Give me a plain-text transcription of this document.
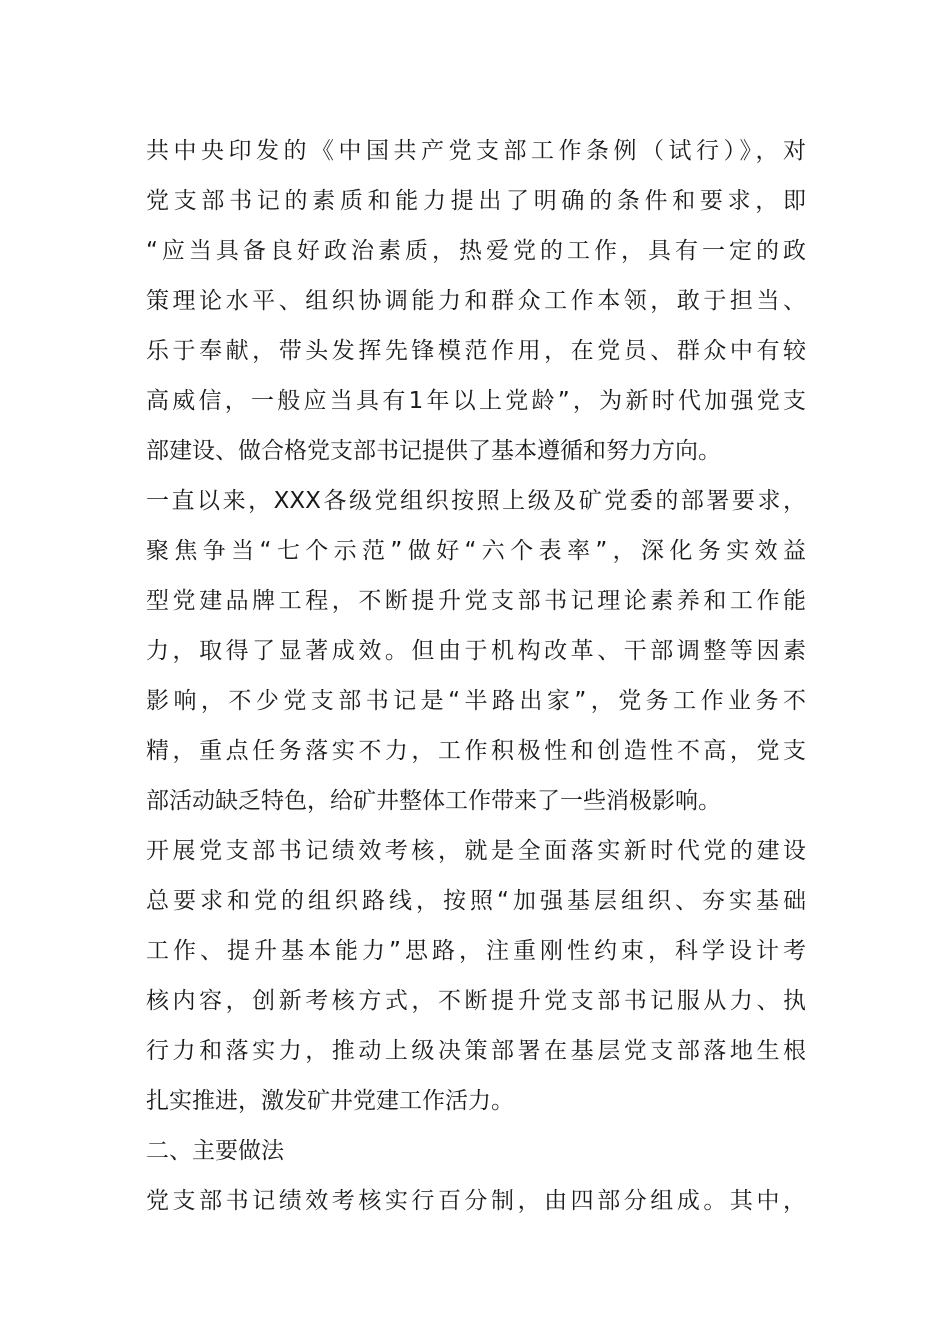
共中央印发的《中国共产党支部工作条例（试行）》，对
党支部书记的素质和能力提出了明确的条件和要求，即
“应当具备良好政治素质，热爱党的工作，具有一定的政
策理论水平、组织协调能力和群众工作本领，敢于担当、
乐于奉献，带头发挥先锋模范作用，在党员、群众中有较
高威信，一般应当具有1年以上党龄”，为新时代加强党支
部建设、做合格党支部书记提供了基本遵循和努力方向。
一直以来，XXX各级党组织按照上级及矿党委的部署要求，
聚焦争当“七个示范”做好“六个表率”，深化务实效益
型党建品牌工程，不断提升党支部书记理论素养和工作能
力，取得了显著成效。但由于机构改革、干部调整等因素
影响，不少党支部书记是“半路出家”，党务工作业务不
精，重点任务落实不力，工作积极性和创造性不高，党支
部活动缺乏特色，给矿井整体工作带来了一些消极影响。
开展党支部书记绩效考核，就是全面落实新时代党的建设
总要求和党的组织路线，按照“加强基层组织、夯实基础
工作、提升基本能力”思路，注重刚性约束，科学设计考
核内容，创新考核方式，不断提升党支部书记服从力、执
行力和落实力，推动上级决策部署在基层党支部落地生根
扎实推进，激发矿井党建工作活力。
二、主要做法
党支部书记绩效考核实行百分制，由四部分组成。其中，
